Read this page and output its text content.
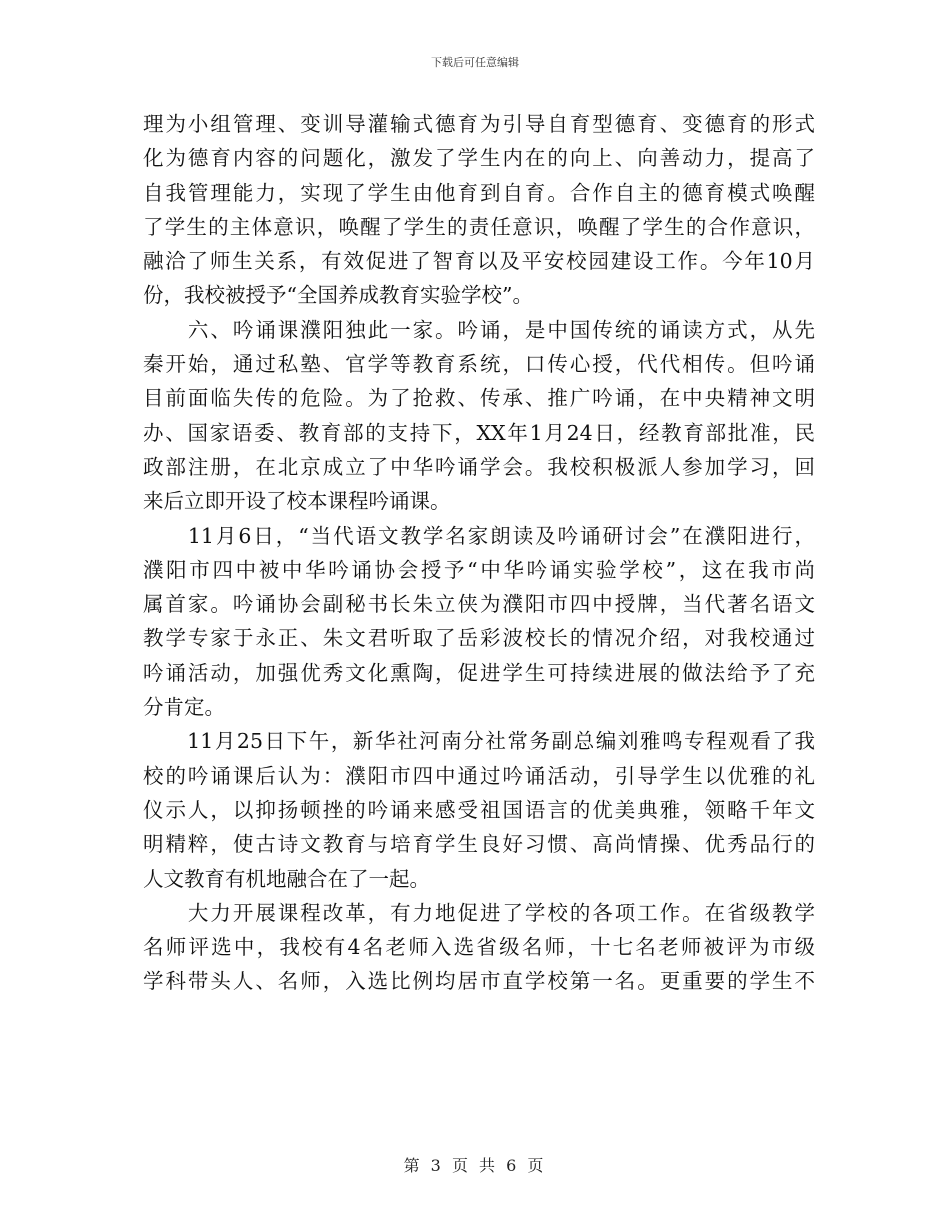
下载后可任意编辑
理为小组管理、变训导灌输式德育为引导自育型德育、变德育的形式
化为德育内容的问题化，激发了学生内在的向上、向善动力，提高了
自我管理能力，实现了学生由他育到自育。合作自主的德育模式唤醒
了学生的主体意识，唤醒了学生的责任意识，唤醒了学生的合作意识，
融洽了师生关系，有效促进了智育以及平安校园建设工作。今年10月
份，我校被授予“全国养成教育实验学校”。
　　六、吟诵课濮阳独此一家。吟诵，是中国传统的诵读方式，从先
秦开始，通过私塾、官学等教育系统，口传心授，代代相传。但吟诵
目前面临失传的危险。为了抢救、传承、推广吟诵，在中央精神文明
办、国家语委、教育部的支持下，XX年1月24日，经教育部批准，民
政部注册，在北京成立了中华吟诵学会。我校积极派人参加学习，回
来后立即开设了校本课程吟诵课。
　　11月6日，“当代语文教学名家朗读及吟诵研讨会”在濮阳进行，
濮阳市四中被中华吟诵协会授予“中华吟诵实验学校”，这在我市尚
属首家。吟诵协会副秘书长朱立侠为濮阳市四中授牌，当代著名语文
教学专家于永正、朱文君听取了岳彩波校长的情况介绍，对我校通过
吟诵活动，加强优秀文化熏陶，促进学生可持续进展的做法给予了充
分肯定。
　　11月25日下午，新华社河南分社常务副总编刘雅鸣专程观看了我
校的吟诵课后认为：濮阳市四中通过吟诵活动，引导学生以优雅的礼
仪示人，以抑扬顿挫的吟诵来感受祖国语言的优美典雅，领略千年文
明精粹，使古诗文教育与培育学生良好习惯、高尚情操、优秀品行的
人文教育有机地融合在了一起。
　　大力开展课程改革，有力地促进了学校的各项工作。在省级教学
名师评选中，我校有4名老师入选省级名师，十七名老师被评为市级
学科带头人、名师，入选比例均居市直学校第一名。更重要的学生不
第 3 页 共 6 页
